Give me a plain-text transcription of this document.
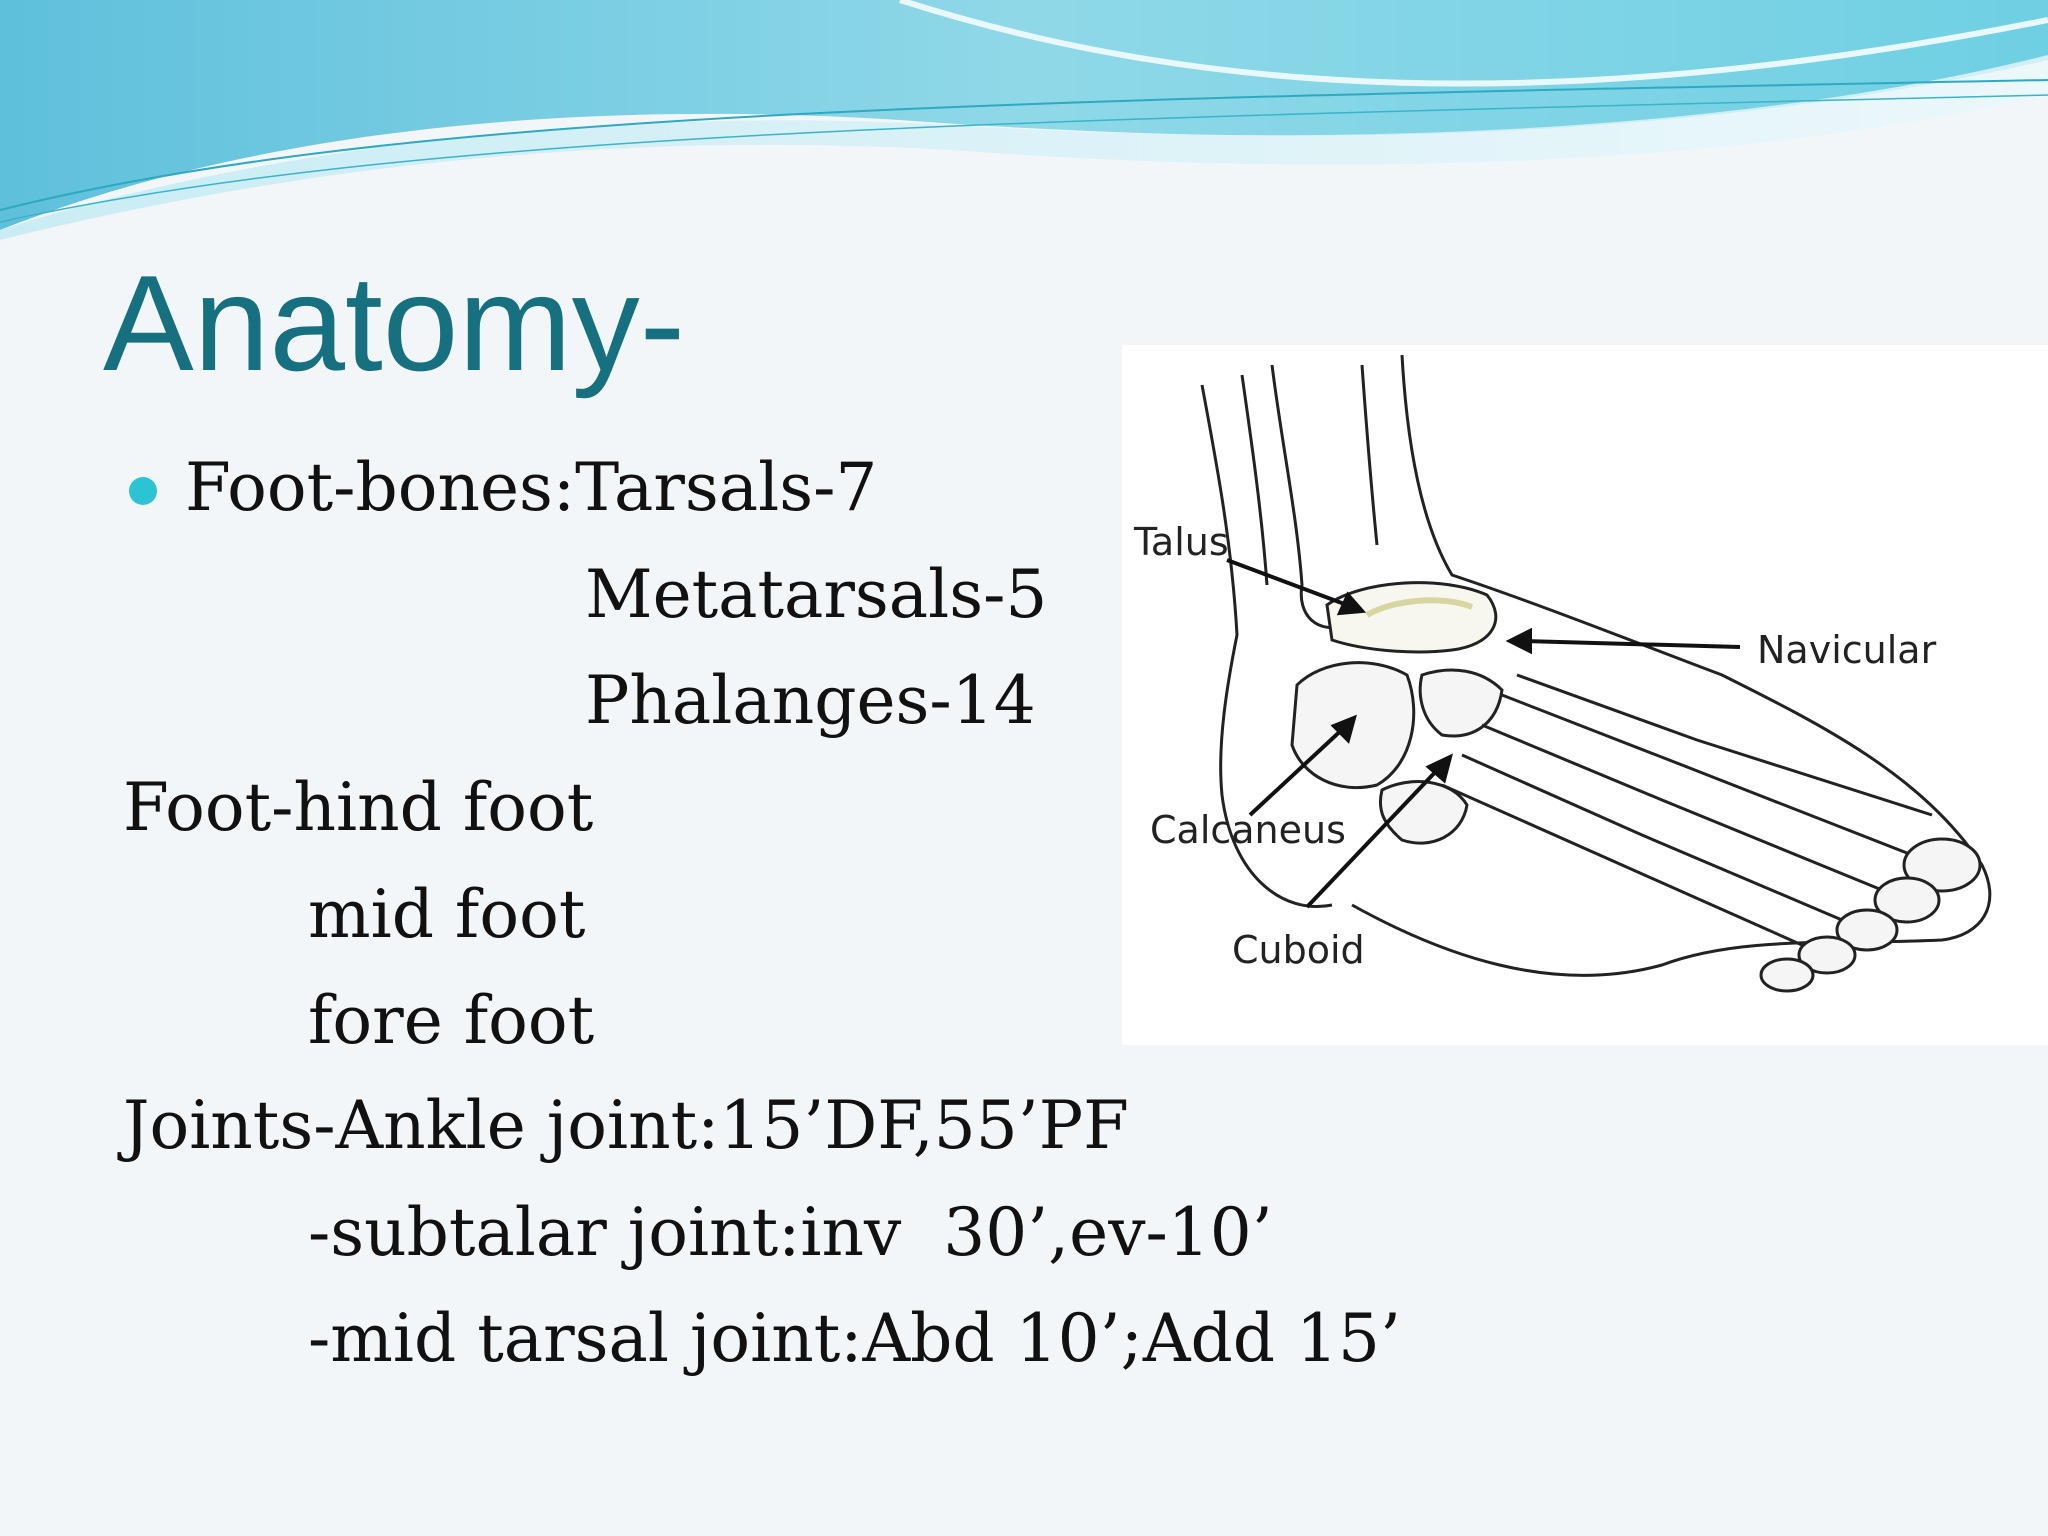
Anatomy-
Foot-bones:Tarsals-7
Metatarsals-5
Phalanges-14
Foot-hind foot
mid foot
fore foot
Joints-Ankle joint:15’DF,55’PF
-subtalar joint:inv  30’,ev-10’
-mid tarsal joint:Abd 10’;Add 15’
Talus
Navicular
Calcaneus
Cuboid
